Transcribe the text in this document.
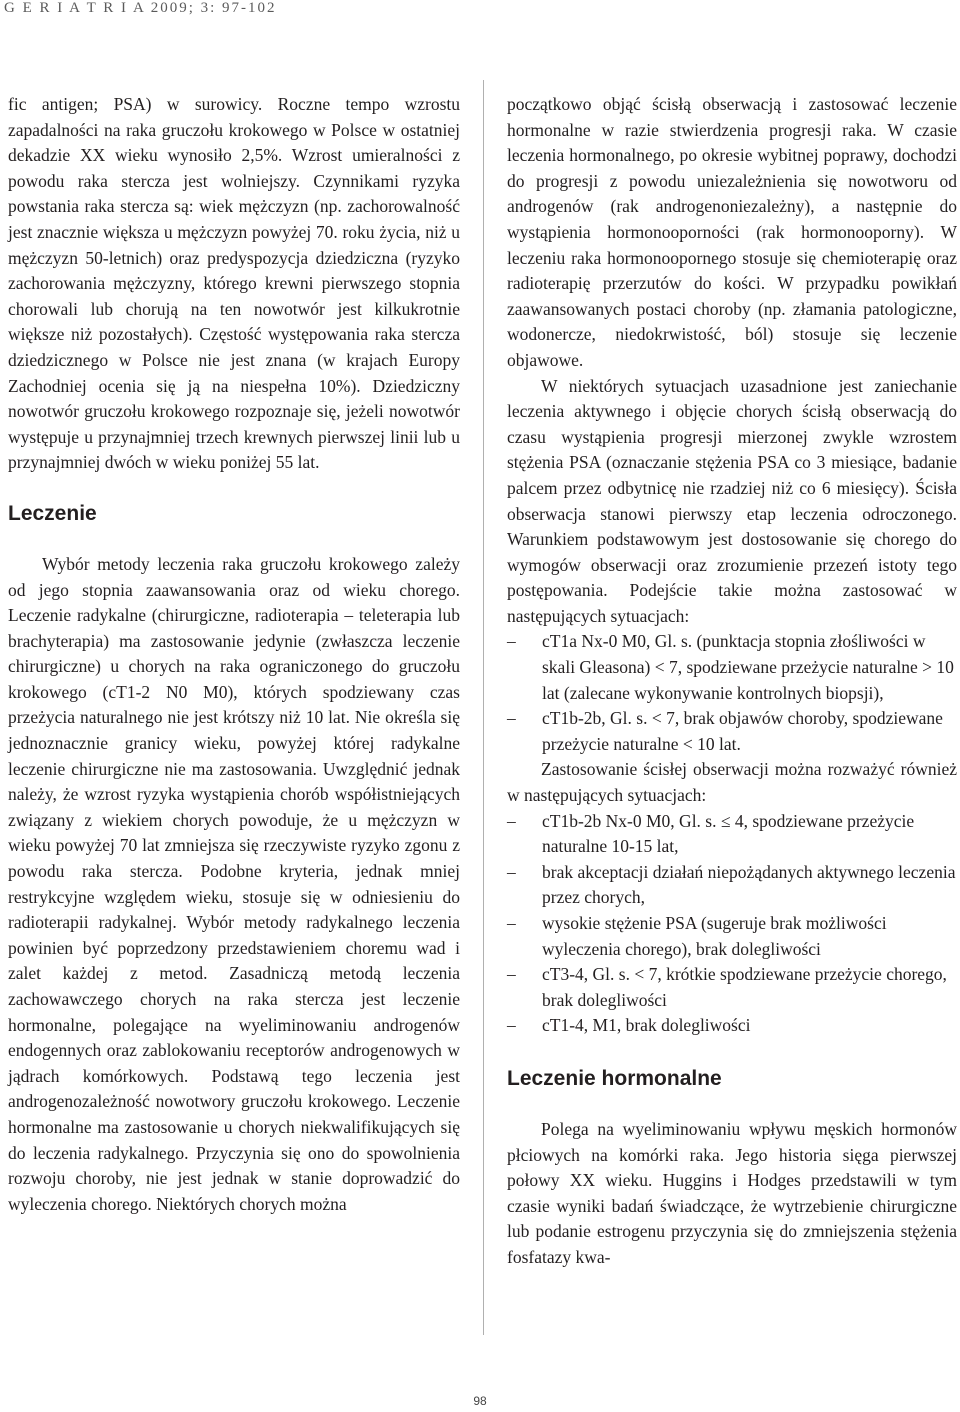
G E R I A T R I A 2009; 3: 97-102

fic antigen; PSA) w surowicy. Roczne tempo wzrostu zapadalności na raka gruczołu krokowego w Polsce w ostatniej dekadzie XX wieku wynosiło 2,5%. Wzrost umieralności z powodu raka stercza jest wolniejszy. Czynnikami ryzyka powstania raka stercza są: wiek mężczyzn (np. zachorowalność jest znacznie większa u mężczyzn powyżej 70. roku życia, niż u mężczyzn 50-letnich) oraz predyspozycja dziedziczna (ryzyko zachorowania mężczyzny, którego krewni pierwszego stopnia chorowali lub chorują na ten nowotwór jest kilkukrotnie większe niż pozostałych). Częstość występowania raka stercza dziedzicznego w Polsce nie jest znana (w krajach Europy Zachodniej ocenia się ją na niespełna 10%). Dziedziczny nowotwór gruczołu krokowego rozpoznaje się, jeżeli nowotwór występuje u przynajmniej trzech krewnych pierwszej linii lub u przynajmniej dwóch w wieku poniżej 55 lat.

Leczenie

Wybór metody leczenia raka gruczołu krokowego zależy od jego stopnia zaawansowania oraz od wieku chorego. Leczenie radykalne (chirurgiczne, radioterapia – teleterapia lub brachyterapia) ma zastosowanie jedynie (zwłaszcza leczenie chirurgiczne) u chorych na raka ograniczonego do gruczołu krokowego (cT1-2 N0 M0), których spodziewany czas przeżycia naturalnego nie jest krótszy niż 10 lat. Nie określa się jednoznacznie granicy wieku, powyżej której radykalne leczenie chirurgiczne nie ma zastosowania. Uwzględnić jednak należy, że wzrost ryzyka wystąpienia chorób współistniejących związany z wiekiem chorych powoduje, że u mężczyzn w wieku powyżej 70 lat zmniejsza się rzeczywiste ryzyko zgonu z powodu raka stercza. Podobne kryteria, jednak mniej restrykcyjne względem wieku, stosuje się w odniesieniu do radioterapii radykalnej. Wybór metody radykalnego leczenia powinien być poprzedzony przedstawieniem choremu wad i zalet każdej z metod. Zasadniczą metodą leczenia zachowawczego chorych na raka stercza jest leczenie hormonalne, polegające na wyeliminowaniu androgenów endogennych oraz zablokowaniu receptorów androgenowych w jądrach komórkowych. Podstawą tego leczenia jest androgenozależność nowotwory gruczołu krokowego. Leczenie hormonalne ma zastosowanie u chorych niekwalifikujących się do leczenia radykalnego. Przyczynia się ono do spowolnienia rozwoju choroby, nie jest jednak w stanie doprowadzić do wyleczenia chorego. Niektórych chorych można

początkowo objąć ścisłą obserwacją i zastosować leczenie hormonalne w razie stwierdzenia progresji raka. W czasie leczenia hormonalnego, po okresie wybitnej poprawy, dochodzi do progresji z powodu uniezależnienia się nowotworu od androgenów (rak androgenoniezależny), a następnie do wystąpienia hormonooporności (rak hormonooporny). W leczeniu raka hormonoopornego stosuje się chemioterapię oraz radioterapię przerzutów do kości. W przypadku powikłań zaawansowanych postaci choroby (np. złamania patologiczne, wodonercze, niedokrwistość, ból) stosuje się leczenie objawowe.

W niektórych sytuacjach uzasadnione jest zaniechanie leczenia aktywnego i objęcie chorych ścisłą obserwacją do czasu wystąpienia progresji mierzonej zwykle wzrostem stężenia PSA (oznaczanie stężenia PSA co 3 miesiące, badanie palcem przez odbytnicę nie rzadziej niż co 6 miesięcy). Ścisła obserwacja stanowi pierwszy etap leczenia odroczonego. Warunkiem podstawowym jest dostosowanie się chorego do wymogów obserwacji oraz zrozumienie przezeń istoty tego postępowania. Podejście takie można zastosować w następujących sytuacjach:

– cT1a Nx-0 M0, Gl. s. (punktacja stopnia złośliwości w skali Gleasona) < 7, spodziewane przeżycie naturalne > 10 lat (zalecane wykonywanie kontrolnych biopsji),
– cT1b-2b, Gl. s. < 7, brak objawów choroby, spodziewane przeżycie naturalne < 10 lat.

Zastosowanie ścisłej obserwacji można rozważyć również w następujących sytuacjach:

– cT1b-2b Nx-0 M0, Gl. s. ≤ 4, spodziewane przeżycie naturalne 10-15 lat,
– brak akceptacji działań niepożądanych aktywnego leczenia przez chorych,
– wysokie stężenie PSA (sugeruje brak możliwości wyleczenia chorego), brak dolegliwości
– cT3-4, Gl. s. < 7, krótkie spodziewane przeżycie chorego, brak dolegliwości
– cT1-4, M1, brak dolegliwości
Leczenie hormonalne

Polega na wyeliminowaniu wpływu męskich hormonów płciowych na komórki raka. Jego historia sięga pierwszej połowy XX wieku. Huggins i Hodges przedstawili w tym czasie wyniki badań świadczące, że wytrzebienie chirurgiczne lub podanie estrogenu przyczynia się do zmniejszenia stężenia fosfatazy kwa-

98
